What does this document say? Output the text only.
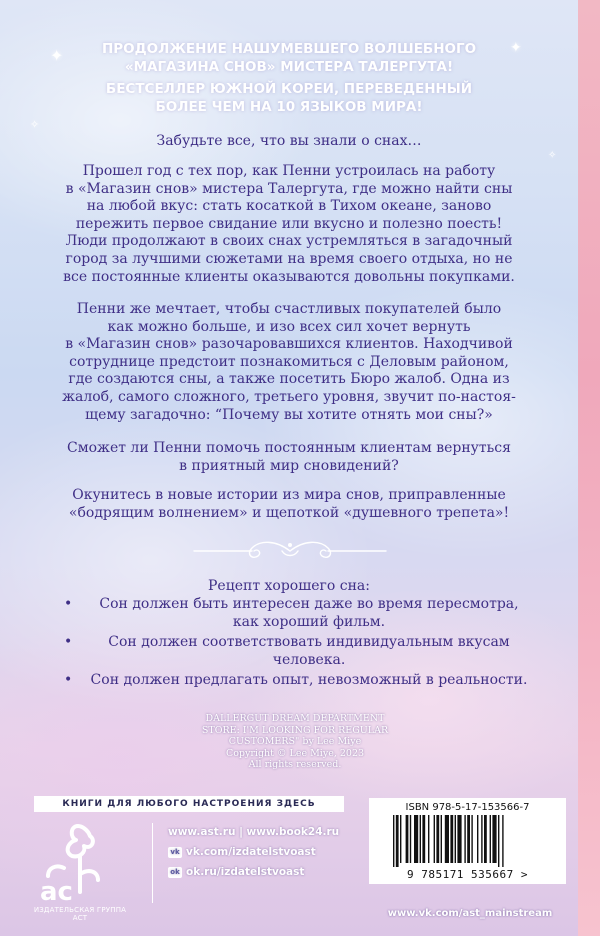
✦	✦
✧
✧
ПРОДОЛЖЕНИЕ НАШУМЕВШЕГО ВОЛШЕБНОГО
«МАГАЗИНА СНОВ» МИСТЕРА ТАЛЕРГУТА!
БЕСТСЕЛЛЕР ЮЖНОЙ КОРЕИ, ПЕРЕВЕДЕННЫЙ
БОЛЕЕ ЧЕМ НА 10 ЯЗЫКОВ МИРА!
Забудьте все, что вы знали о снах…
Прошел год с тех пор, как Пенни устроилась на работу
в «Магазин снов» мистера Талергута, где можно найти сны
на любой вкус: стать косаткой в Тихом океане, заново
пережить первое свидание или вкусно и полезно поесть!
Люди продолжают в своих снах устремляться в загадочный
город за лучшими сюжетами на время своего отдыха, но не
все постоянные клиенты оказываются довольны покупками.
Пенни же мечтает, чтобы счастливых покупателей было
как можно больше, и изо всех сил хочет вернуть
в «Магазин снов» разочаровавшихся клиентов. Находчивой
сотруднице предстоит познакомиться с Деловым районом,
где создаются сны, а также посетить Бюро жалоб. Одна из
жалоб, самого сложного, третьего уровня, звучит по-настоя-
щему загадочно: “Почему вы хотите отнять мои сны?»
Сможет ли Пенни помочь постоянным клиентам вернуться
в приятный мир сновидений?
Окунитесь в новые истории из мира снов, приправленные
«бодрящим волнением» и щепоткой «душевного трепета»!
Рецепт хорошего сна:
•	Сон должен быть интересен даже во время пересмотра,
как хороший фильм.
•	Сон должен соответствовать индивидуальным вкусам
человека.
•	Сон должен предлагать опыт, невозможный в реальности.
DALLERGUT DREAM DEPARTMENT
STORE: I'M LOOKING FOR REGULAR
CUSTOMERS" by Lee Miye
Copyright © Lee Miye, 2023
All rights reserved.
КНИГИ ДЛЯ ЛЮБОГО НАСТРОЕНИЯ ЗДЕСЬ
ac
ИЗДАТЕЛЬСКАЯ ГРУППА АСТ
www.ast.ru | www.book24.ru
vk vk.com/izdatelstvoast
ok ok.ru/izdatelstvoast
ISBN 978-5-17-153566-7
9 785171 535667 >
www.vk.com/ast_mainstream
